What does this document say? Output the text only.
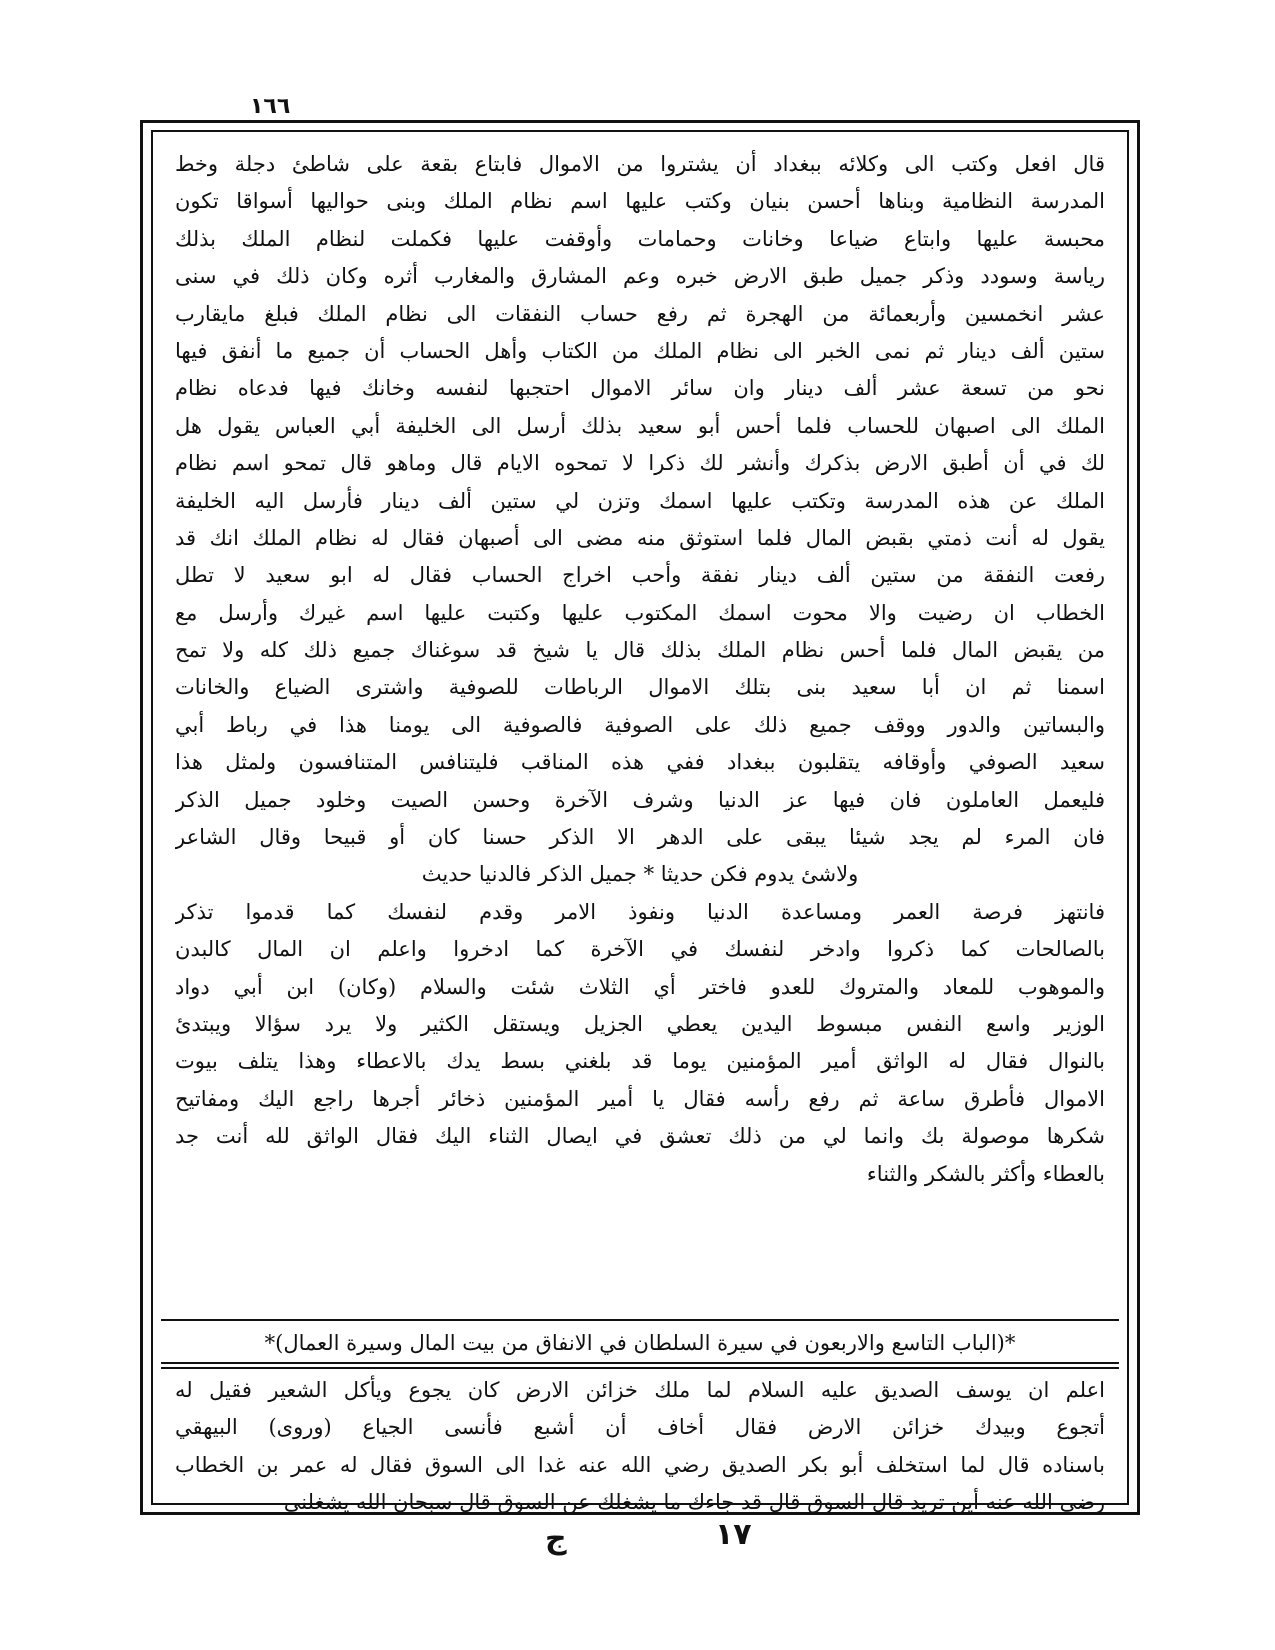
١٦٦
قال افعل وكتب الى وكلائه ببغداد أن يشتروا من الاموال فابتاع بقعة على شاطئ دجلة وخط
المدرسة النظامية وبناها أحسن بنيان وكتب عليها اسم نظام الملك وبنى حواليها أسواقا تكون
محبسة عليها وابتاع ضياعا وخانات وحمامات وأوقفت عليها فكملت لنظام الملك بذلك
رياسة وسودد وذكر جميل طبق الارض خبره وعم المشارق والمغارب أثره وكان ذلك في سنى
عشر انخمسين وأربعمائة من الهجرة ثم رفع حساب النفقات الى نظام الملك فبلغ مايقارب
ستين ألف دينار ثم نمى الخبر الى نظام الملك من الكتاب وأهل الحساب أن جميع ما أنفق فيها
نحو من تسعة عشر ألف دينار وان سائر الاموال احتجبها لنفسه وخانك فيها فدعاه نظام
الملك الى اصبهان للحساب فلما أحس أبو سعيد بذلك أرسل الى الخليفة أبي العباس يقول هل
لك في أن أطبق الارض بذكرك وأنشر لك ذكرا لا تمحوه الايام قال وماهو قال تمحو اسم نظام
الملك عن هذه المدرسة وتكتب عليها اسمك وتزن لي ستين ألف دينار فأرسل اليه الخليفة
يقول له أنت ذمتي بقبض المال فلما استوثق منه مضى الى أصبهان فقال له نظام الملك انك قد
رفعت النفقة من ستين ألف دينار نفقة وأحب اخراج الحساب فقال له ابو سعيد لا تطل
الخطاب ان رضيت والا محوت اسمك المكتوب عليها وكتبت عليها اسم غيرك وأرسل مع
من يقبض المال فلما أحس نظام الملك بذلك قال يا شيخ قد سوغناك جميع ذلك كله ولا تمح
اسمنا ثم ان أبا سعيد بنى بتلك الاموال الرباطات للصوفية واشترى الضياع والخانات
والبساتين والدور ووقف جميع ذلك على الصوفية فالصوفية الى يومنا هذا في رباط أبي
سعيد الصوفي وأوقافه يتقلبون ببغداد ففي هذه المناقب فليتنافس المتنافسون ولمثل هذا
فليعمل العاملون فان فيها عز الدنيا وشرف الآخرة وحسن الصيت وخلود جميل الذكر
فان المرء لم يجد شيئا يبقى على الدهر الا الذكر حسنا كان أو قبيحا وقال الشاعر
ولاشئ يدوم فكن حديثا * جميل الذكر فالدنيا حديث
فانتهز فرصة العمر ومساعدة الدنيا ونفوذ الامر وقدم لنفسك كما قدموا تذكر
بالصالحات كما ذكروا وادخر لنفسك في الآخرة كما ادخروا واعلم ان المال كالبدن
والموهوب للمعاد والمتروك للعدو فاختر أي الثلاث شئت والسلام (وكان) ابن أبي دواد
الوزير واسع النفس مبسوط اليدين يعطي الجزيل ويستقل الكثير ولا يرد سؤالا ويبتدئ
بالنوال فقال له الواثق أمير المؤمنين يوما قد بلغني بسط يدك بالاعطاء وهذا يتلف بيوت
الاموال فأطرق ساعة ثم رفع رأسه فقال يا أمير المؤمنين ذخائر أجرها راجع اليك ومفاتيح
شكرها موصولة بك وانما لي من ذلك تعشق في ايصال الثناء اليك فقال الواثق لله أنت جد
بالعطاء وأكثر بالشكر والثناء
*(الباب التاسع والاربعون في سيرة السلطان في الانفاق من بيت المال وسيرة العمال)*
اعلم ان يوسف الصديق عليه السلام لما ملك خزائن الارض كان يجوع ويأكل الشعير فقيل له
أتجوع وبيدك خزائن الارض فقال أخاف أن أشبع فأنسى الجياع (وروى) البيهقي
باسناده قال لما استخلف أبو بكر الصديق رضي الله عنه غدا الى السوق فقال له عمر بن الخطاب
رضي الله عنه أين تريد قال السوق قال قد جاءك ما يشغلك عن السوق قال سبحان الله يشغلني
ج	١٧
